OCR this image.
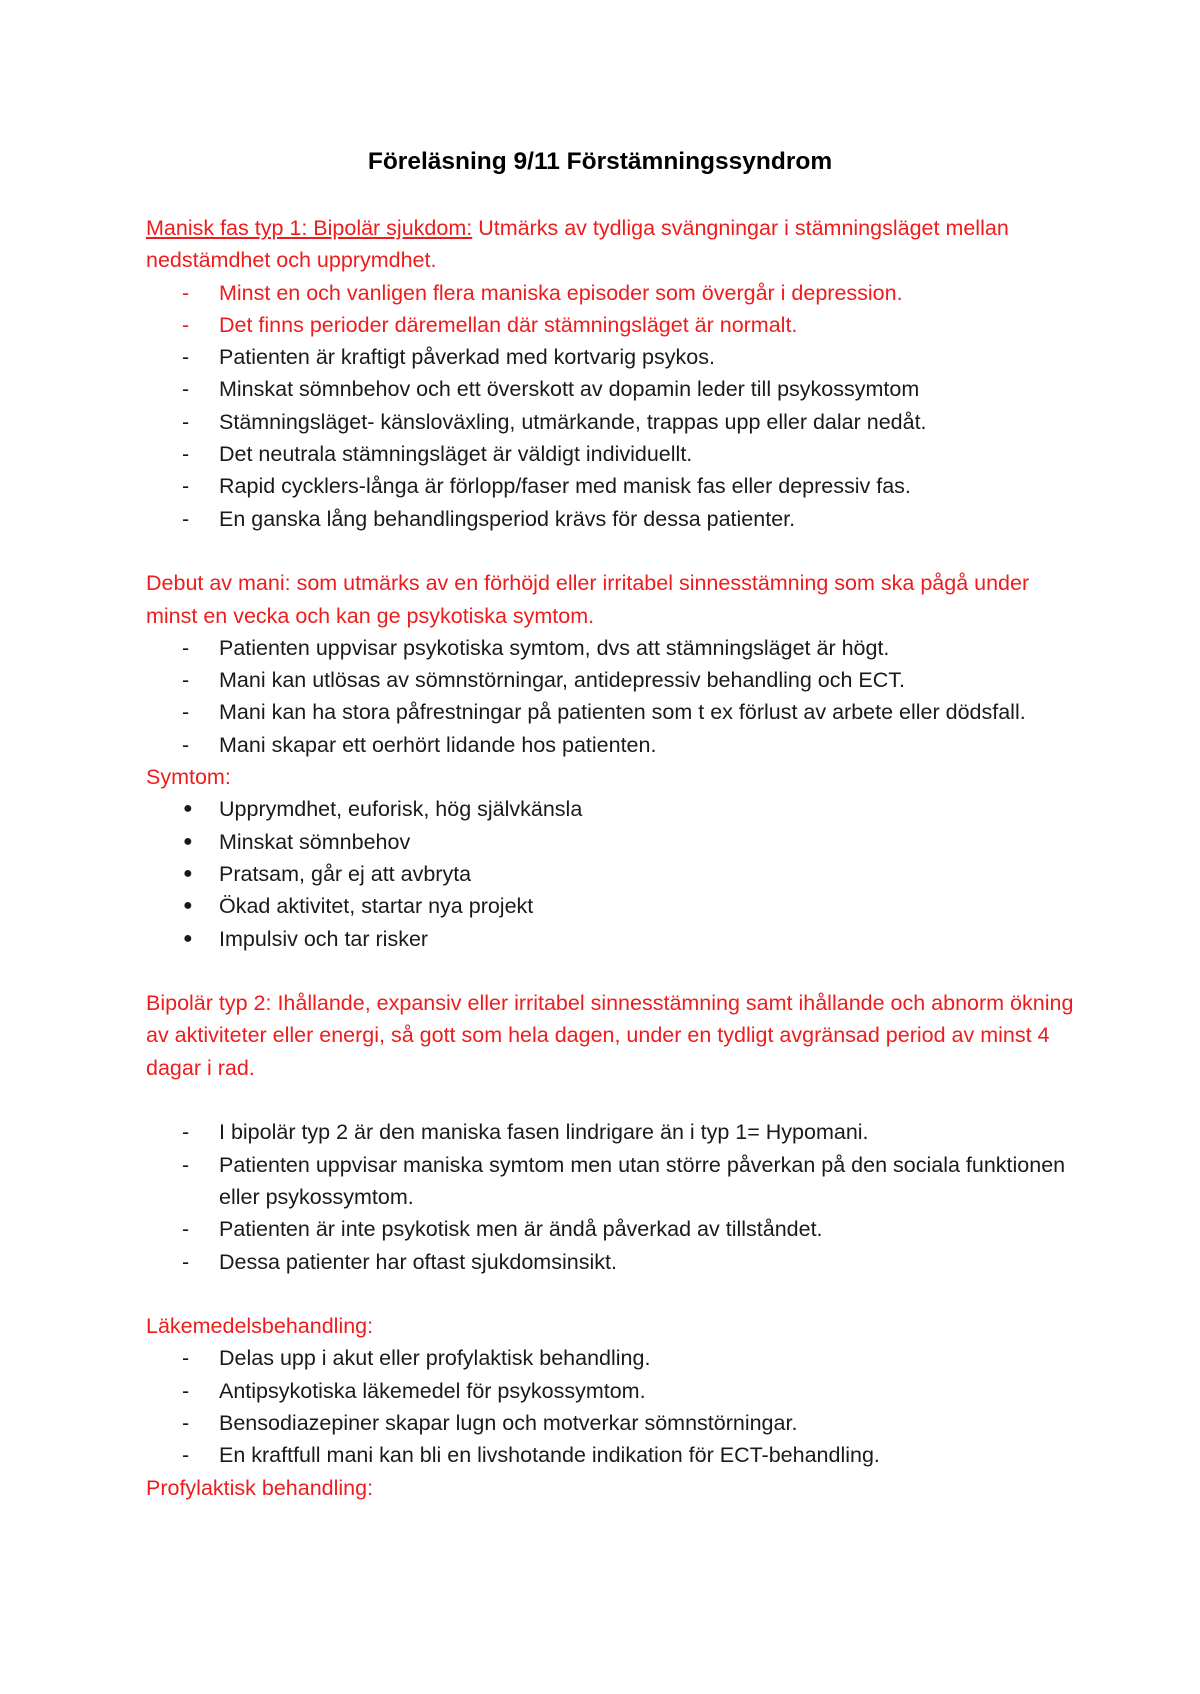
Föreläsning 9/11 Förstämningssyndrom

Manisk fas typ 1: Bipolär sjukdom: Utmärks av tydliga svängningar i stämningsläget mellan nedstämdhet och upprymdhet.

- Minst en och vanligen flera maniska episoder som övergår i depression.
- Det finns perioder däremellan där stämningsläget är normalt.
- Patienten är kraftigt påverkad med kortvarig psykos.
- Minskat sömnbehov och ett överskott av dopamin leder till psykossymtom
- Stämningsläget- känsloväxling, utmärkande, trappas upp eller dalar nedåt.
- Det neutrala stämningsläget är väldigt individuellt.
- Rapid cycklers-långa är förlopp/faser med manisk fas eller depressiv fas.
- En ganska lång behandlingsperiod krävs för dessa patienter.

Debut av mani: som utmärks av en förhöjd eller irritabel sinnesstämning som ska pågå under minst en vecka och kan ge psykotiska symtom.

- Patienten uppvisar psykotiska symtom, dvs att stämningsläget är högt.
- Mani kan utlösas av sömnstörningar, antidepressiv behandling och ECT.
- Mani kan ha stora påfrestningar på patienten som t ex förlust av arbete eller dödsfall.
- Mani skapar ett oerhört lidande hos patienten.

Symtom:

● Upprymdhet, euforisk, hög självkänsla
● Minskat sömnbehov
● Pratsam, går ej att avbryta
● Ökad aktivitet, startar nya projekt
● Impulsiv och tar risker

Bipolär typ 2: Ihållande, expansiv eller irritabel sinnesstämning samt ihållande och abnorm ökning av aktiviteter eller energi, så gott som hela dagen, under en tydligt avgränsad period av minst 4 dagar i rad.

- I bipolär typ 2 är den maniska fasen lindrigare än i typ 1= Hypomani.
- Patienten uppvisar maniska symtom men utan större påverkan på den sociala funktionen eller psykossymtom.
- Patienten är inte psykotisk men är ändå påverkad av tillståndet.
- Dessa patienter har oftast sjukdomsinsikt.

Läkemedelsbehandling:

- Delas upp i akut eller profylaktisk behandling.
- Antipsykotiska läkemedel för psykossymtom.
- Bensodiazepiner skapar lugn och motverkar sömnstörningar.
- En kraftfull mani kan bli en livshotande indikation för ECT-behandling.

Profylaktisk behandling:
